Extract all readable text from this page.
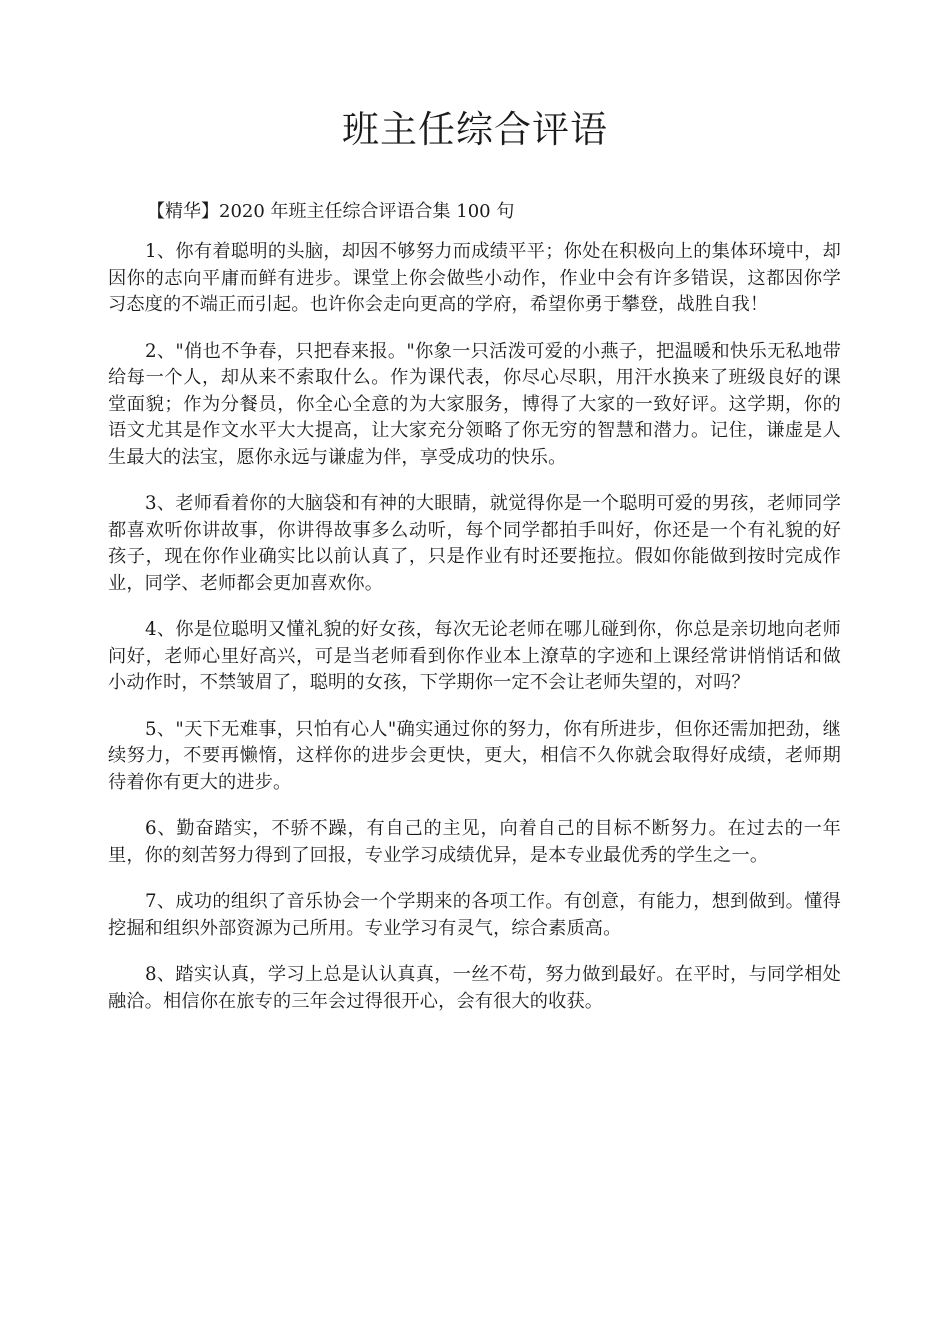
班主任综合评语

【精华】2020 年班主任综合评语合集 100 句

1、你有着聪明的头脑，却因不够努力而成绩平平；你处在积极向上的集体环境中，却因你的志向平庸而鲜有进步。课堂上你会做些小动作，作业中会有许多错误，这都因你学习态度的不端正而引起。也许你会走向更高的学府，希望你勇于攀登，战胜自我！

2、"俏也不争春，只把春来报。"你象一只活泼可爱的小燕子，把温暖和快乐无私地带给每一个人，却从来不索取什么。作为课代表，你尽心尽职，用汗水换来了班级良好的课堂面貌；作为分餐员，你全心全意的为大家服务，博得了大家的一致好评。这学期，你的语文尤其是作文水平大大提高，让大家充分领略了你无穷的智慧和潜力。记住，谦虚是人生最大的法宝，愿你永远与谦虚为伴，享受成功的快乐。

3、老师看着你的大脑袋和有神的大眼睛，就觉得你是一个聪明可爱的男孩，老师同学都喜欢听你讲故事，你讲得故事多么动听，每个同学都拍手叫好，你还是一个有礼貌的好孩子，现在你作业确实比以前认真了，只是作业有时还要拖拉。假如你能做到按时完成作业，同学、老师都会更加喜欢你。

4、你是位聪明又懂礼貌的好女孩，每次无论老师在哪儿碰到你，你总是亲切地向老师问好，老师心里好高兴，可是当老师看到你作业本上潦草的字迹和上课经常讲悄悄话和做小动作时，不禁皱眉了，聪明的女孩，下学期你一定不会让老师失望的，对吗？

5、"天下无难事，只怕有心人"确实通过你的努力，你有所进步，但你还需加把劲，继续努力，不要再懒惰，这样你的进步会更快，更大，相信不久你就会取得好成绩，老师期待着你有更大的进步。

6、勤奋踏实，不骄不躁，有自己的主见，向着自己的目标不断努力。在过去的一年里，你的刻苦努力得到了回报，专业学习成绩优异，是本专业最优秀的学生之一。

7、成功的组织了音乐协会一个学期来的各项工作。有创意，有能力，想到做到。懂得挖掘和组织外部资源为己所用。专业学习有灵气，综合素质高。

8、踏实认真，学习上总是认认真真，一丝不苟，努力做到最好。在平时，与同学相处融洽。相信你在旅专的三年会过得很开心，会有很大的收获。
